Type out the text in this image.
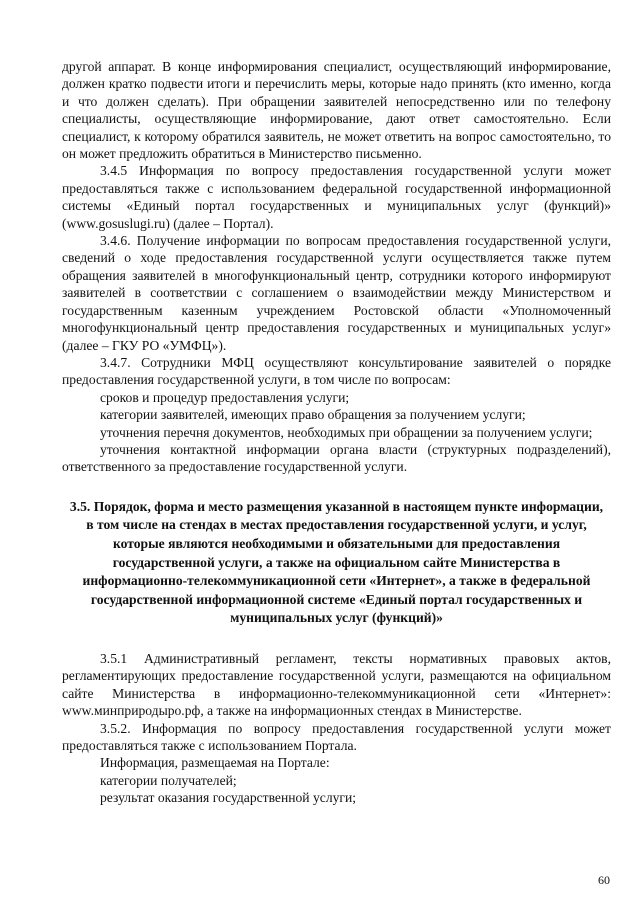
другой аппарат. В конце информирования специалист, осуществляющий информирование, должен кратко подвести итоги и перечислить меры, которые надо принять (кто именно, когда и что должен сделать). При обращении заявителей непосредственно или по телефону специалисты, осуществляющие информирование, дают ответ самостоятельно. Если специалист, к которому обратился заявитель, не может ответить на вопрос самостоятельно, то он может предложить обратиться в Министерство письменно.

3.4.5 Информация по вопросу предоставления государственной услуги может предоставляться также с использованием федеральной государственной информационной системы «Единый портал государственных и муниципальных услуг (функций)» (www.gosuslugi.ru) (далее – Портал).

3.4.6. Получение информации по вопросам предоставления государственной услуги, сведений о ходе предоставления государственной услуги осуществляется также путем обращения заявителей в многофункциональный центр, сотрудники которого информируют заявителей в соответствии с соглашением о взаимодействии между Министерством и государственным казенным учреждением Ростовской области «Уполномоченный многофункциональный центр предоставления государственных и муниципальных услуг» (далее – ГКУ РО «УМФЦ»).

3.4.7. Сотрудники МФЦ осуществляют консультирование заявителей о порядке предоставления государственной услуги, в том числе по вопросам:

сроков и процедур предоставления услуги;

категории заявителей, имеющих право обращения за получением услуги;

уточнения перечня документов, необходимых при обращении за получением услуги;

уточнения контактной информации органа власти (структурных подразделений), ответственного за предоставление государственной услуги.

3.5. Порядок, форма и место размещения указанной в настоящем пункте информации, в том числе на стендах в местах предоставления государственной услуги, и услуг, которые являются необходимыми и обязательными для предоставления государственной услуги, а также на официальном сайте Министерства в информационно-телекоммуникационной сети «Интернет», а также в федеральной государственной информационной системе «Единый портал государственных и муниципальных услуг (функций)»

3.5.1 Административный регламент, тексты нормативных правовых актов, регламентирующих предоставление государственной услуги, размещаются на официальном сайте Министерства в информационно-телекоммуникационной сети «Интернет»: www.минприродыро.рф, а также на информационных стендах в Министерстве.

3.5.2. Информация по вопросу предоставления государственной услуги может предоставляться также с использованием Портала.

Информация, размещаемая на Портале:

категории получателей;

результат оказания государственной услуги;

60
